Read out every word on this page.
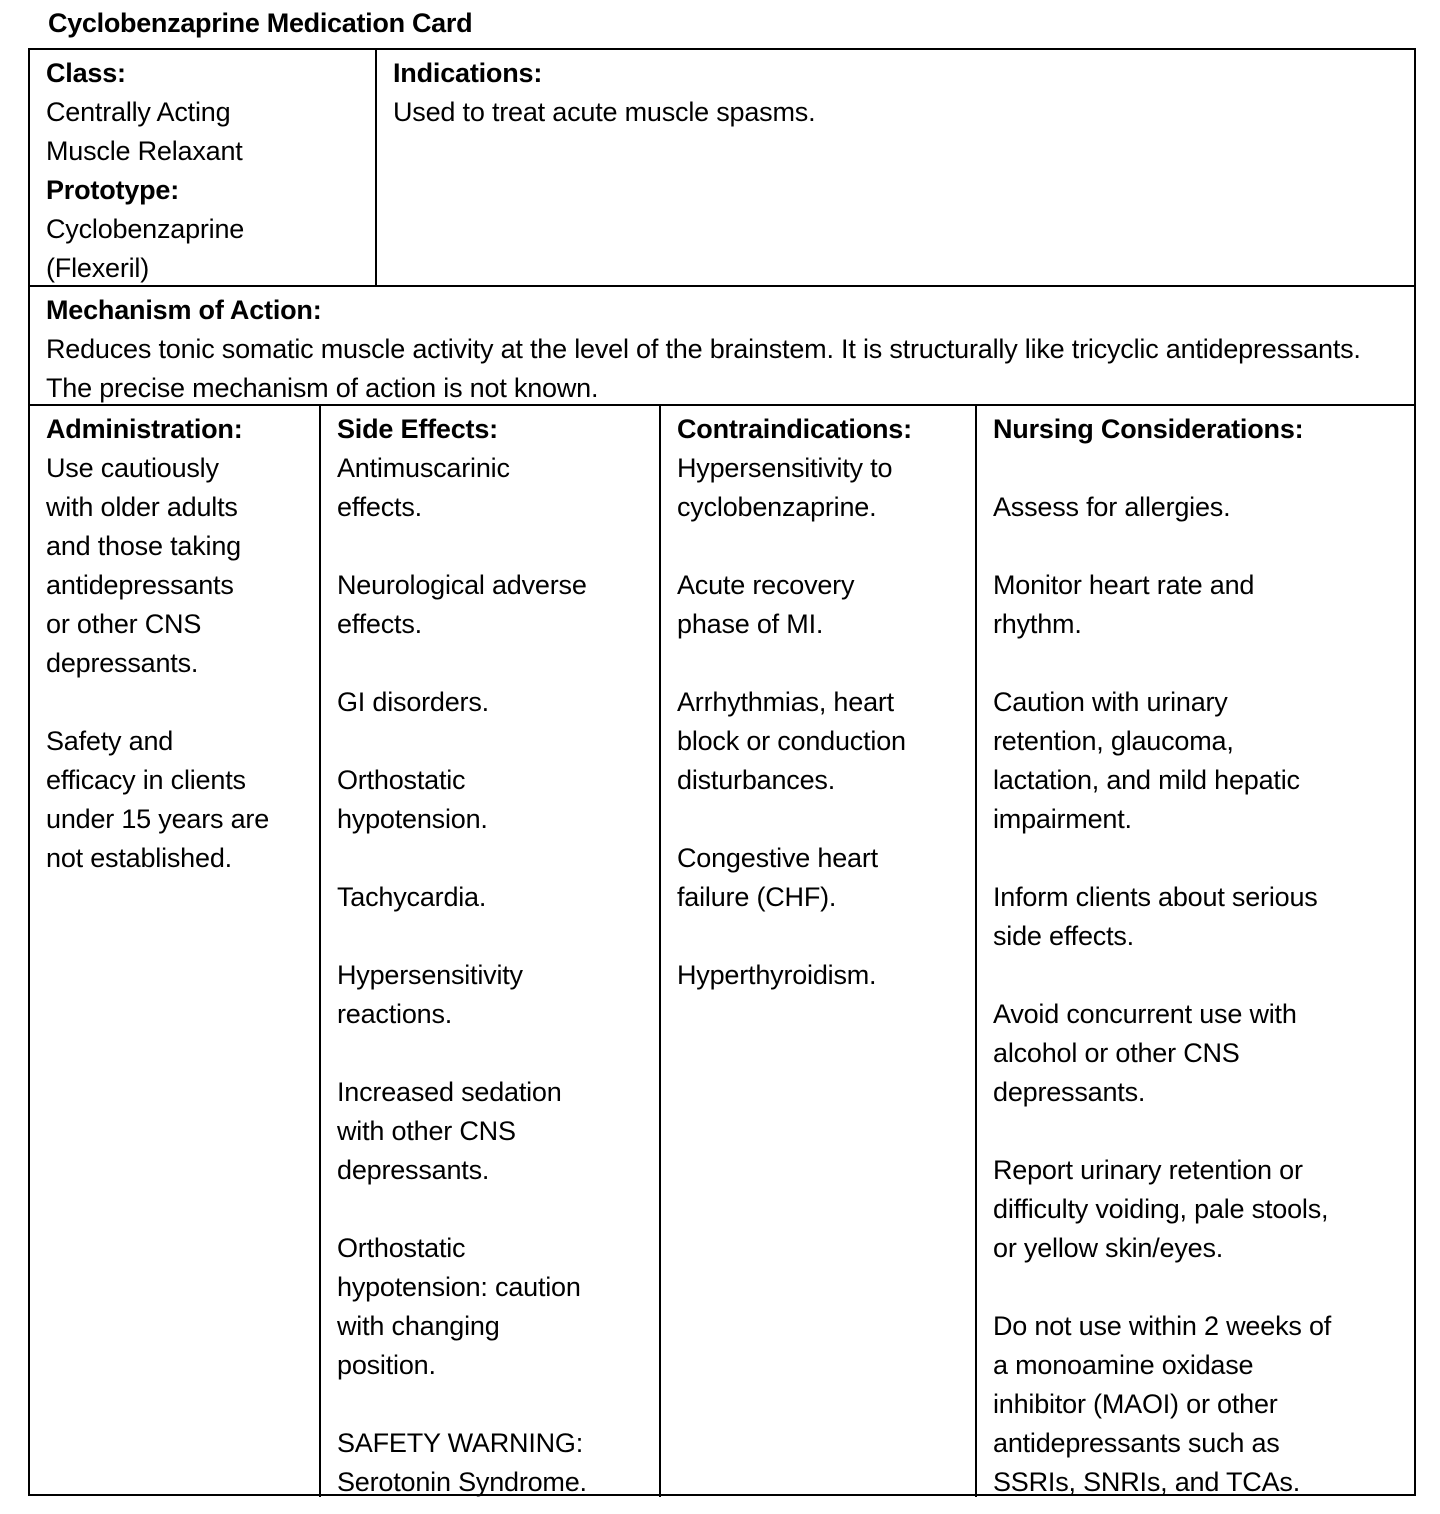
Cyclobenzaprine Medication Card
Class:
Centrally Acting
Muscle Relaxant
Prototype:
Cyclobenzaprine
(Flexeril)
Indications:
Used to treat acute muscle spasms.
Mechanism of Action:
Reduces tonic somatic muscle activity at the level of the brainstem. It is structurally like tricyclic antidepressants. The precise mechanism of action is not known.
Administration:
Use cautiously
with older adults
and those taking
antidepressants
or other CNS
depressants.
Safety and
efficacy in clients
under 15 years are
not established.
Side Effects:
Antimuscarinic
effects.
Neurological adverse
effects.
GI disorders.
Orthostatic
hypotension.
Tachycardia.
Hypersensitivity
reactions.
Increased sedation
with other CNS
depressants.
Orthostatic
hypotension: caution
with changing
position.
SAFETY WARNING:
Serotonin Syndrome.
Contraindications:
Hypersensitivity to
cyclobenzaprine.
Acute recovery
phase of MI.
Arrhythmias, heart
block or conduction
disturbances.
Congestive heart
failure (CHF).
Hyperthyroidism.
Nursing Considerations:
Assess for allergies.
Monitor heart rate and
rhythm.
Caution with urinary
retention, glaucoma,
lactation, and mild hepatic
impairment.
Inform clients about serious
side effects.
Avoid concurrent use with
alcohol or other CNS
depressants.
Report urinary retention or
difficulty voiding, pale stools,
or yellow skin/eyes.
Do not use within 2 weeks of
a monoamine oxidase
inhibitor (MAOI) or other
antidepressants such as
SSRIs, SNRIs, and TCAs.
